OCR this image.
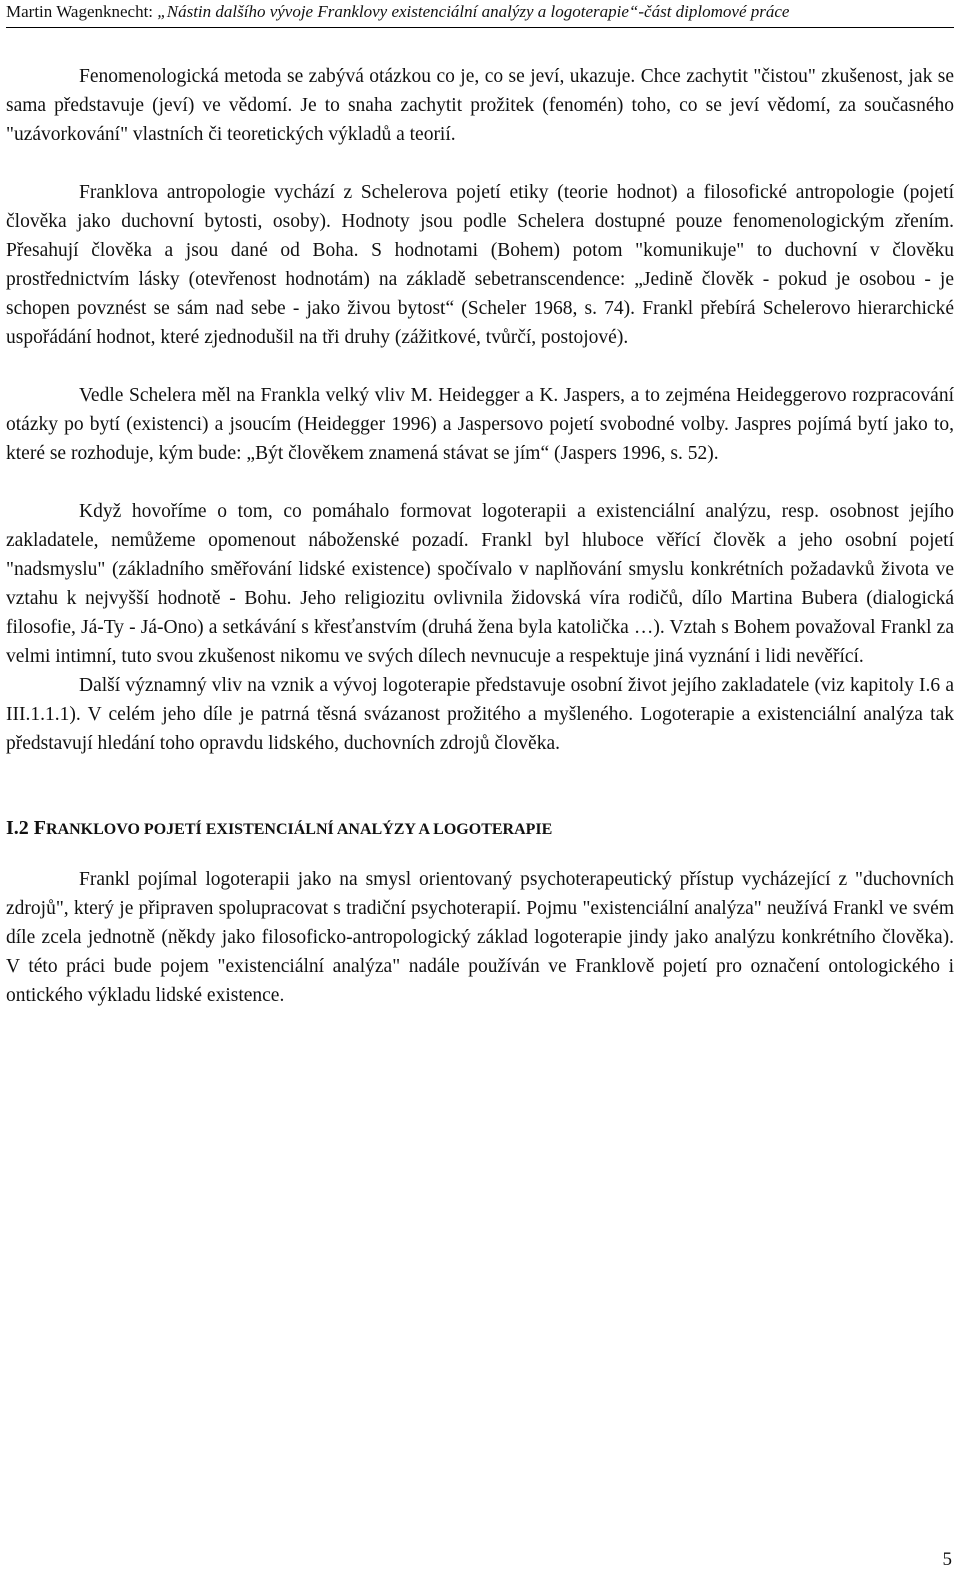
Martin Wagenknecht: „Nástin dalšího vývoje Franklovy existenciální analýzy a logoterapie“-část diplomové práce

Fenomenologická metoda se zabývá otázkou co je, co se jeví, ukazuje. Chce zachytit "čistou" zkušenost, jak se sama představuje (jeví) ve vědomí. Je to snaha zachytit prožitek (fenomén) toho, co se jeví vědomí, za současného "uzávorkování" vlastních či teoretických výkladů a teorií.

Franklova antropologie vychází z Schelerova pojetí etiky (teorie hodnot) a filosofické antropologie (pojetí člověka jako duchovní bytosti, osoby). Hodnoty jsou podle Schelera dostupné pouze fenomenologickým zřením. Přesahují člověka a jsou dané od Boha. S hodnotami (Bohem) potom "komunikuje" to duchovní v člověku prostřednictvím lásky (otevřenost hodnotám) na základě sebetranscendence: „Jedině člověk - pokud je osobou - je schopen povznést se sám nad sebe - jako živou bytost“ (Scheler 1968, s. 74). Frankl přebírá Schelerovo hierarchické uspořádání hodnot, které zjednodušil na tři druhy (zážitkové, tvůrčí, postojové).

Vedle Schelera měl na Frankla velký vliv M. Heidegger a K. Jaspers, a to zejména Heideggerovo rozpracování otázky po bytí (existenci) a jsoucím (Heidegger 1996) a Jaspersovo pojetí svobodné volby. Jaspres pojímá bytí jako to, které se rozhoduje, kým bude: „Být člověkem znamená stávat se jím“ (Jaspers 1996, s. 52).

Když hovoříme o tom, co pomáhalo formovat logoterapii a existenciální analýzu, resp. osobnost jejího zakladatele, nemůžeme opomenout náboženské pozadí. Frankl byl hluboce věřící člověk a jeho osobní pojetí "nadsmyslu" (základního směřování lidské existence) spočívalo v naplňování smyslu konkrétních požadavků života ve vztahu k nejvyšší hodnotě - Bohu. Jeho religiozitu ovlivnila židovská víra rodičů, dílo Martina Bubera (dialogická filosofie, Já-Ty - Já-Ono) a setkávání s křesťanstvím (druhá žena byla katolička …). Vztah s Bohem považoval Frankl za velmi intimní, tuto svou zkušenost nikomu ve svých dílech nevnucuje a respektuje jiná vyznání i lidi nevěřící.

Další významný vliv na vznik a vývoj logoterapie představuje osobní život jejího zakladatele (viz kapitoly I.6 a III.1.1.1). V celém jeho díle je patrná těsná svázanost prožitého a myšleného. Logoterapie a existenciální analýza tak představují hledání toho opravdu lidského, duchovních zdrojů člověka.

I.2 FRANKLOVO POJETÍ EXISTENCIÁLNÍ ANALÝZY A LOGOTERAPIE

Frankl pojímal logoterapii jako na smysl orientovaný psychoterapeutický přístup vycházející z "duchovních zdrojů", který je připraven spolupracovat s tradiční psychoterapií. Pojmu "existenciální analýza" neužívá Frankl ve svém díle zcela jednotně (někdy jako filosoficko-antropologický základ logoterapie jindy jako analýzu konkrétního člověka). V této práci bude pojem "existenciální analýza" nadále používán ve Franklově pojetí pro označení ontologického i ontického výkladu lidské existence.

5
